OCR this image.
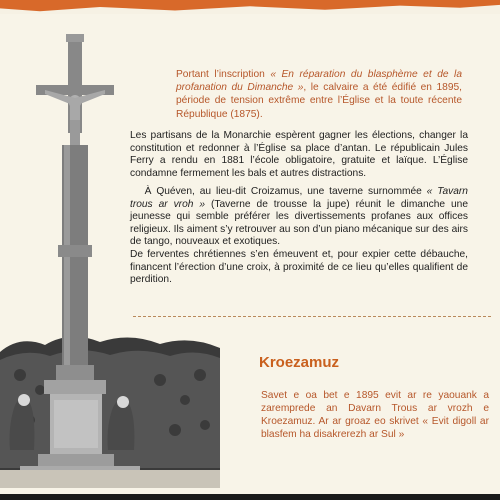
Portant l’inscription « En réparation du blasphème et de la profanation du Dimanche », le calvaire a été édifié en 1895, période de tension extrême entre l’Église et la toute récente République (1875).

Les partisans de la Monarchie espèrent gagner les élections, changer la constitution et redonner à l’Église sa place d’antan. Le républicain Jules Ferry a rendu en 1881 l’école obligatoire, gratuite et laïque. L’Église condamne fermement les bals et autres distractions.

À Quéven, au lieu-dit Croizamus, une taverne surnommée « Tavarn trous ar vroh » (Taverne de trousse la jupe) réunit le dimanche une jeunesse qui semble préférer les divertissements profanes aux offices religieux. Ils aiment s’y retrouver au son d’un piano mécanique sur des airs de tango, nouveaux et exotiques.

De ferventes chrétiennes s’en émeuvent et, pour expier cette débauche, financent l’érection d’une croix, à proximité de ce lieu qu’elles qualifient de perdition.

Kroezamuz

Savet e oa bet e 1895 evit ar re yaouank a zaremprede an Davarn Trous ar vrozh e Kroezamuz. Ar ar groaz eo skrivet « Evit digoll ar blasfem ha disakrerezh ar Sul »
